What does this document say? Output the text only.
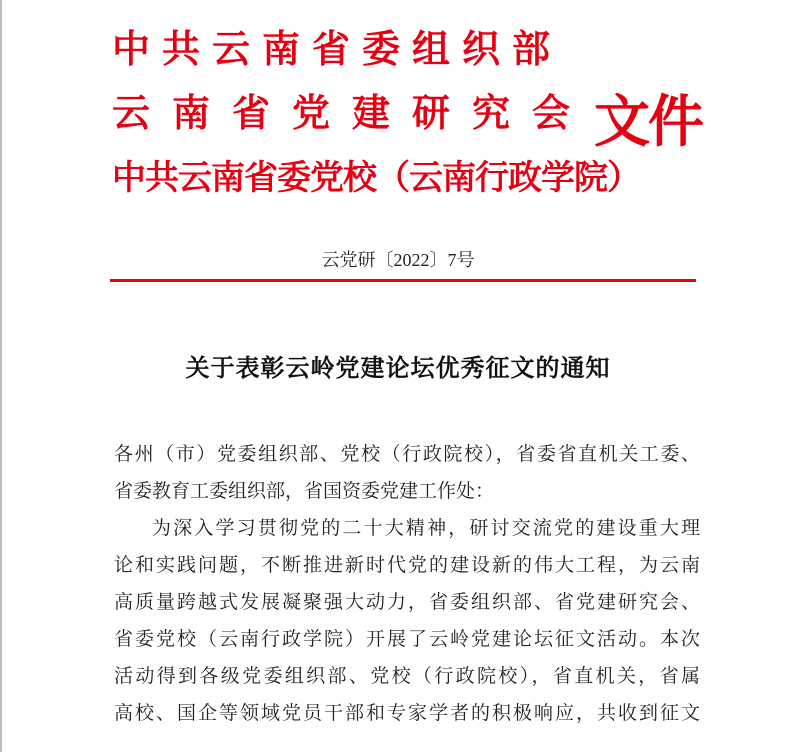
中共云南省委组织部
云南省党建研究会
中共云南省委党校（云南行政学院）
文件
云党研〔2022〕7号
关于表彰云岭党建论坛优秀征文的通知
各州（市）党委组织部、党校（行政院校），省委省直机关工委、
省委教育工委组织部，省国资委党建工作处：
为深入学习贯彻党的二十大精神，研讨交流党的建设重大理
论和实践问题，不断推进新时代党的建设新的伟大工程，为云南
高质量跨越式发展凝聚强大动力，省委组织部、省党建研究会、
省委党校（云南行政学院）开展了云岭党建论坛征文活动。本次
活动得到各级党委组织部、党校（行政院校），省直机关，省属
高校、国企等领域党员干部和专家学者的积极响应，共收到征文
